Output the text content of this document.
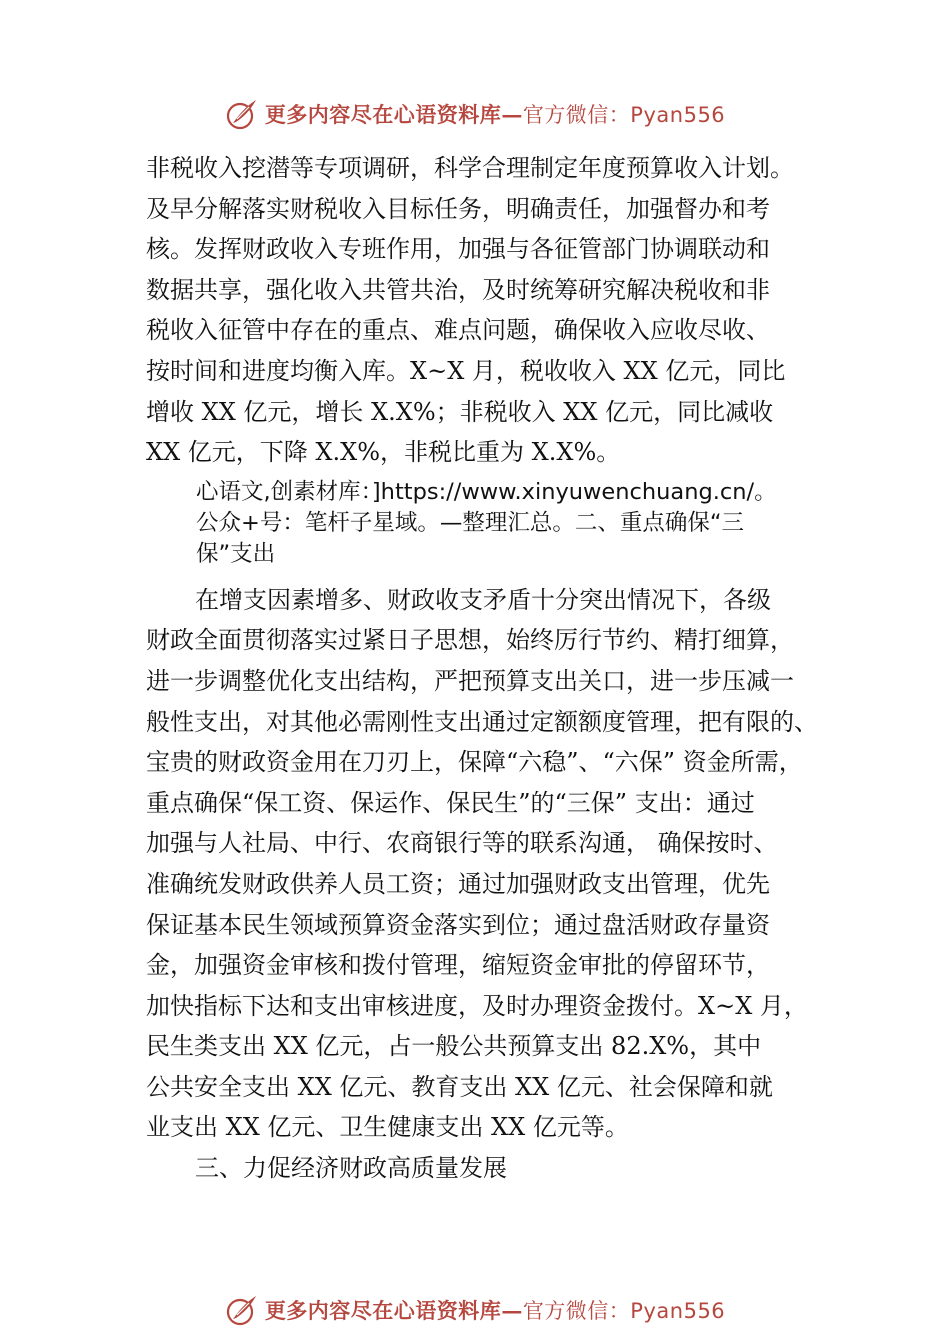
更多内容尽在心语资料库—官方微信：Pyan556
非税收入挖潜等专项调研，科学合理制定年度预算收入计划。
及早分解落实财税收入目标任务，明确责任，加强督办和考
核。发挥财政收入专班作用，加强与各征管部门协调联动和
数据共享，强化收入共管共治，及时统筹研究解决税收和非
税收入征管中存在的重点、难点问题，确保收入应收尽收、
按时间和进度均衡入库。X~X 月，税收收入 XX 亿元，同比
增收 XX 亿元，增长 X.X%；非税收入 XX 亿元，同比减收
XX 亿元，下降 X.X%，非税比重为 X.X%。
心语文,创素材库：]https://www.xinyuwenchuang.cn/。
公众+号：笔杆子星域。—整理汇总。二、重点确保“三
保”支出
在增支因素增多、财政收支矛盾十分突出情况下，各级
财政全面贯彻落实过紧日子思想，始终厉行节约、精打细算，
进一步调整优化支出结构，严把预算支出关口，进一步压减一
般性支出，对其他必需刚性支出通过定额额度管理，把有限的、
宝贵的财政资金用在刀刃上，保障“六稳”、“六保” 资金所需，
重点确保“保工资、保运作、保民生”的“三保” 支出：通过
加强与人社局、中行、农商银行等的联系沟通， 确保按时、
准确统发财政供养人员工资；通过加强财政支出管理，优先
保证基本民生领域预算资金落实到位；通过盘活财政存量资
金，加强资金审核和拨付管理，缩短资金审批的停留环节，
加快指标下达和支出审核进度，及时办理资金拨付。X~X 月，
民生类支出 XX 亿元，占一般公共预算支出 82.X%，其中
公共安全支出 XX 亿元、教育支出 XX 亿元、社会保障和就
业支出 XX 亿元、卫生健康支出 XX 亿元等。
三、力促经济财政高质量发展
更多内容尽在心语资料库—官方微信：Pyan556
